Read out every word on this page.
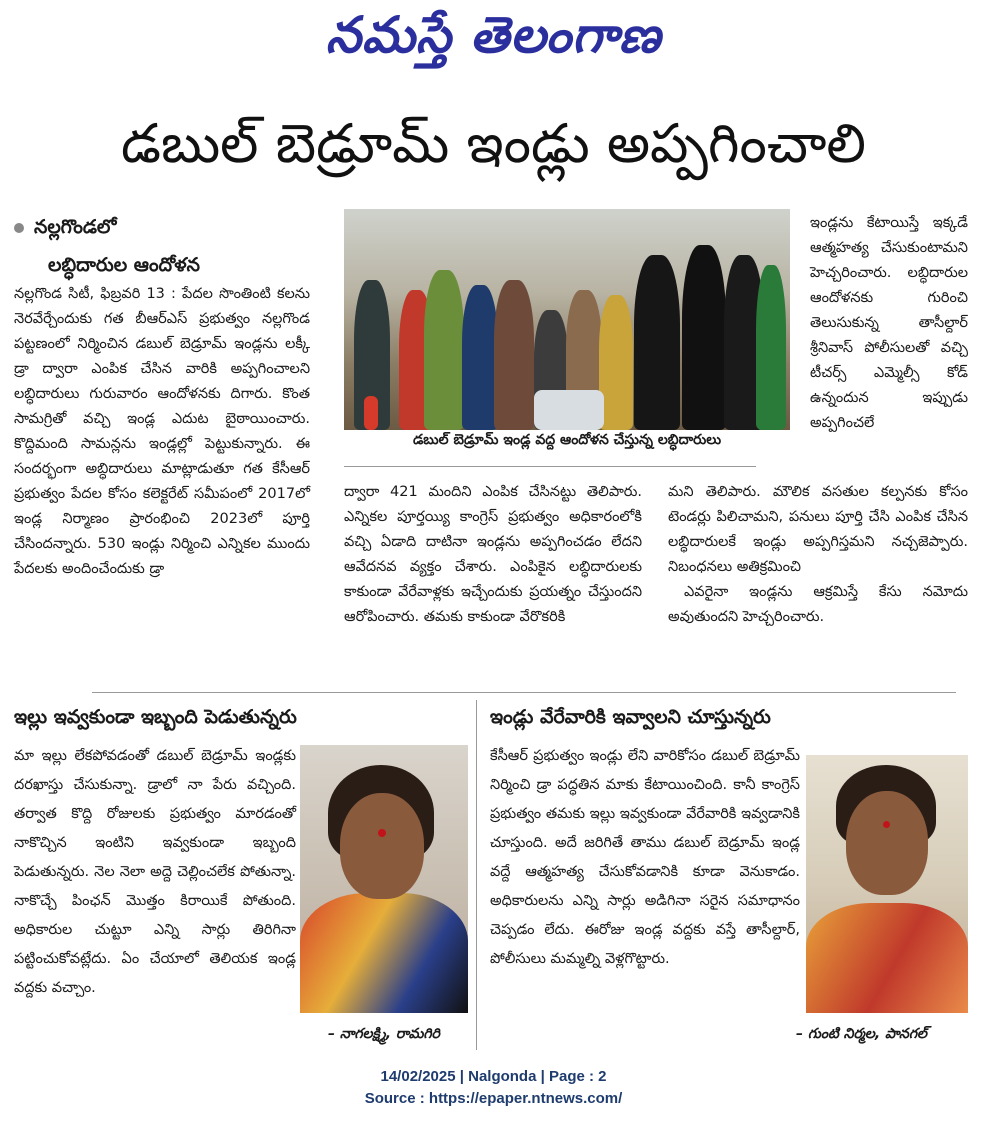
నమస్తే తెలంగాణ
డబుల్ బెడ్రూమ్ ఇండ్లు అప్పగించాలి
నల్లగొండలో
లబ్ధిదారుల ఆందోళన

నల్లగొండ సిటీ, ఫిబ్రవరి 13 : పేదల సొంతింటి కలను నెరవేర్చేందుకు గత బీఆర్ఎస్ ప్రభుత్వం నల్లగొండ పట్టణంలో నిర్మించిన డబుల్ బెడ్రూమ్ ఇండ్లను లక్కీ డ్రా ద్వారా ఎంపిక చేసిన వారికి అప్పగించాలని లబ్ధిదారులు గురువారం ఆందోళనకు దిగారు. కొంత సామగ్రితో వచ్చి ఇండ్ల ఎదుట బైఠాయించారు. కొద్దిమంది సామన్లను ఇండ్లల్లో పెట్టుకున్నారు. ఈ సందర్భంగా అబ్ధిదారులు మాట్లాడుతూ గత కేసీఆర్ ప్రభుత్వం పేదల కోసం కలెక్టరేట్ సమీపంలో 2017లో ఇండ్ల నిర్మాణం ప్రారంభించి 2023లో పూర్తి చేసిందన్నారు. 530 ఇండ్లు నిర్మించి ఎన్నికల ముందు పేదలకు అందించేందుకు డ్రా

డబుల్ బెడ్రూమ్ ఇండ్ల వద్ద ఆందోళన చేస్తున్న లబ్ధిదారులు

ఇండ్లను కేటాయిస్తే ఇక్కడే ఆత్మహత్య చేసుకుంటామని హెచ్చరించారు. లబ్ధిదారుల ఆందోళనకు గురించి తెలుసుకున్న తాసీల్దార్ శ్రీనివాస్ పోలీసులతో వచ్చి టీచర్స్ ఎమ్మెల్సీ కోడ్ ఉన్నందున ఇప్పుడు అప్పగించలే

ద్వారా 421 మందిని ఎంపిక చేసినట్టు తెలిపారు. ఎన్నికల పూర్తయ్యి కాంగ్రెస్ ప్రభుత్వం అధికారంలోకి వచ్చి ఏడాది దాటినా ఇండ్లను అప్పగించడం లేదని ఆవేదనవ వ్యక్తం చేశారు. ఎంపికైన లబ్ధిదారులకు కాకుండా వేరేవాళ్లకు ఇచ్చేందుకు ప్రయత్నం చేస్తుందని ఆరోపించారు. తమకు కాకుండా వేరొకరికి

మని తెలిపారు. మౌలిక వసతుల కల్పనకు కోసం టెండర్లు పిలిచామని, పనులు పూర్తి చేసి ఎంపిక చేసిన లబ్ధిదారులకే ఇండ్లు అప్పగిస్తమని నచ్చజెప్పారు. నిబంధనలు అతిక్రమించి

ఎవరైనా ఇండ్లను ఆక్రమిస్తే కేసు నమోదు అవుతుందని హెచ్చరించారు.

ఇల్లు ఇవ్వకుండా ఇబ్బంది పెడుతున్నరు

మా ఇల్లు లేకపోవడంతో డబుల్ బెడ్రూమ్ ఇండ్లకు దరఖాస్తు చేసుకున్నా. డ్రాలో నా పేరు వచ్చింది. తర్వాత కొద్ది రోజులకు ప్రభుత్వం మారడంతో నాకొచ్చిన ఇంటిని ఇవ్వకుండా ఇబ్బంది పెడుతున్నరు. నెల నెలా అద్దె చెల్లించలేక పోతున్నా. నాకొచ్చే పింఛన్ మొత్తం కిరాయికే పోతుంది. అధికారుల చుట్టూ ఎన్ని సార్లు తిరిగినా పట్టించుకోవట్లేదు. ఏం చేయాలో తెలియక ఇండ్ల వద్దకు వచ్చాం.

– నాగలక్ష్మి, రామగిరి
ఇండ్లు వేరేవారికి ఇవ్వాలని చూస్తున్నరు

కేసీఆర్ ప్రభుత్వం ఇండ్లు లేని వారికోసం డబుల్ బెడ్రూమ్ నిర్మించి డ్రా పద్ధతిన మాకు కేటాయించింది. కానీ కాంగ్రెస్ ప్రభుత్వం తమకు ఇల్లు ఇవ్వకుండా వేరేవారికి ఇవ్వడానికి చూస్తుంది. అదే జరిగితే తాము డబుల్ బెడ్రూమ్ ఇండ్ల వద్దే ఆత్మహత్య చేసుకోవడానికి కూడా వెనుకాడం. అధికారులను ఎన్ని సార్లు అడిగినా సరైన సమాధానం చెప్పడం లేదు. ఈరోజు ఇండ్ల వద్దకు వస్తే తాసీల్దార్, పోలీసులు మమ్మల్ని వెళ్లగొట్టారు.

– గుంటి నిర్మల, పానగల్
14/02/2025 | Nalgonda | Page : 2
Source : https://epaper.ntnews.com/
